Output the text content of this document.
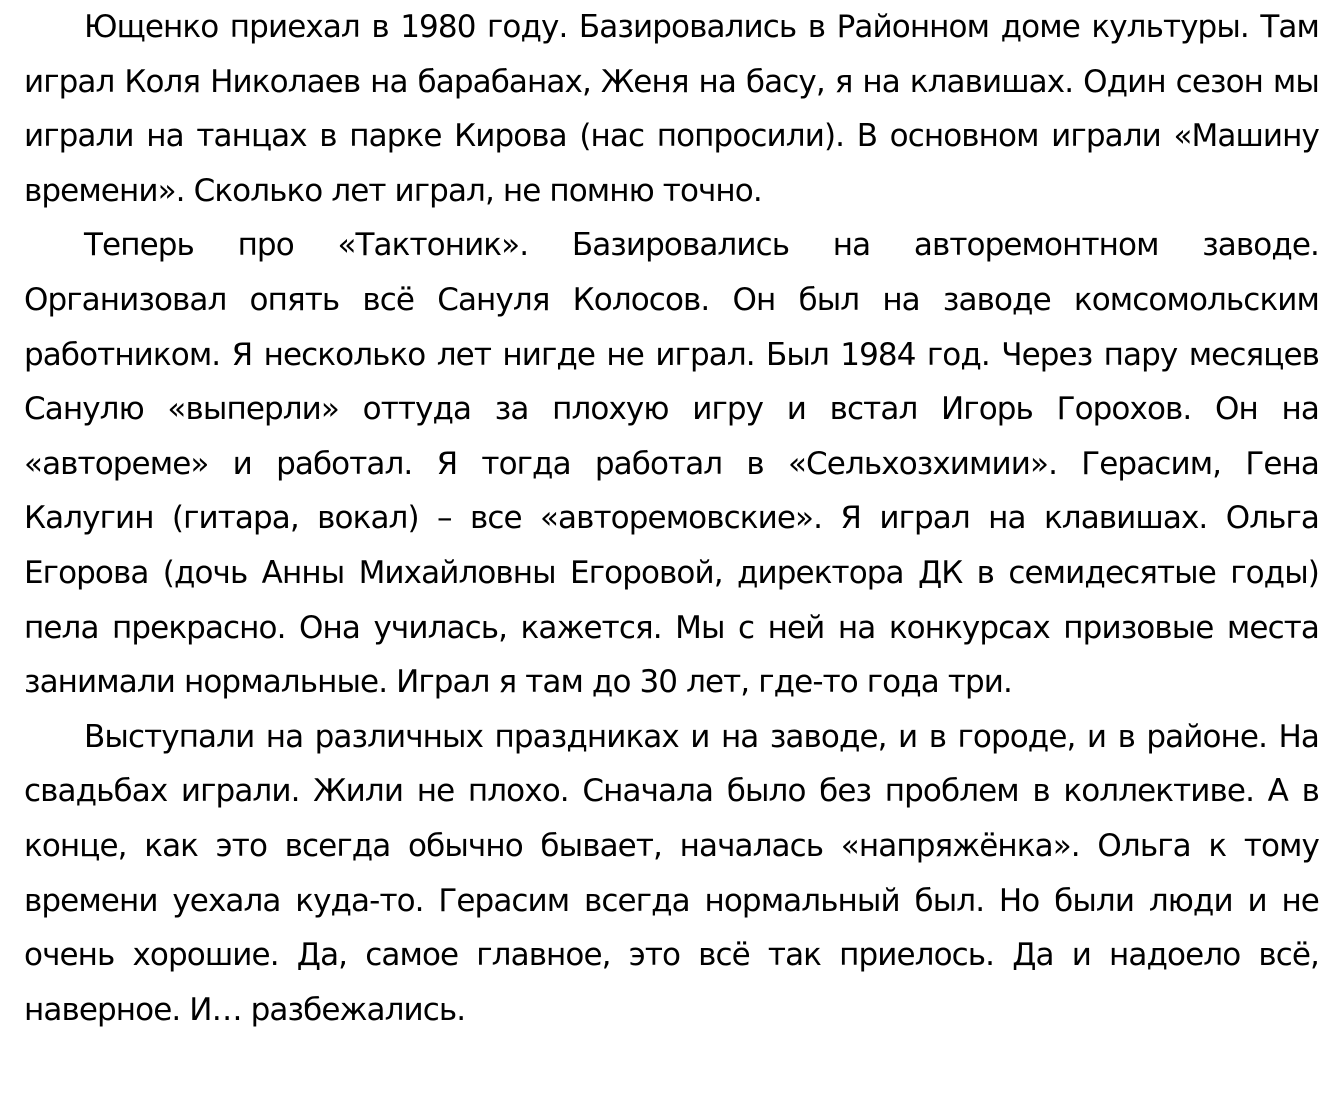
Ющенко приехал в 1980 году. Базировались в Районном доме культуры. Там играл Коля Николаев на барабанах, Женя на басу, я на клавишах. Один сезон мы играли на танцах в парке Кирова (нас попросили). В основном играли «Машину времени». Сколько лет играл, не помню точно.

Теперь про «Тактоник». Базировались на авторемонтном заводе. Организовал опять всё Сануля Колосов. Он был на заводе комсомольским работником. Я несколько лет нигде не играл. Был 1984 год. Через пару месяцев Санулю «выперли» оттуда за плохую игру и встал Игорь Горохов. Он на «автореме» и работал. Я тогда работал в «Сельхозхимии». Герасим, Гена Калугин (гитара, вокал) – все «авторемовские». Я играл на клавишах. Ольга Егорова (дочь Анны Михайловны Егоровой, директора ДК в семидесятые годы) пела прекрасно. Она училась, кажется. Мы с ней на конкурсах призовые места занимали нормальные. Играл я там до 30 лет, где-то года три.

Выступали на различных праздниках и на заводе, и в городе, и в районе. На свадьбах играли. Жили не плохо. Сначала было без проблем в коллективе. А в конце, как это всегда обычно бывает, началась «напряжёнка». Ольга к тому времени уехала куда-то. Герасим всегда нормальный был. Но были люди и не очень хорошие. Да, самое главное, это всё так приелось. Да и надоело всё, наверное. И… разбежались.
